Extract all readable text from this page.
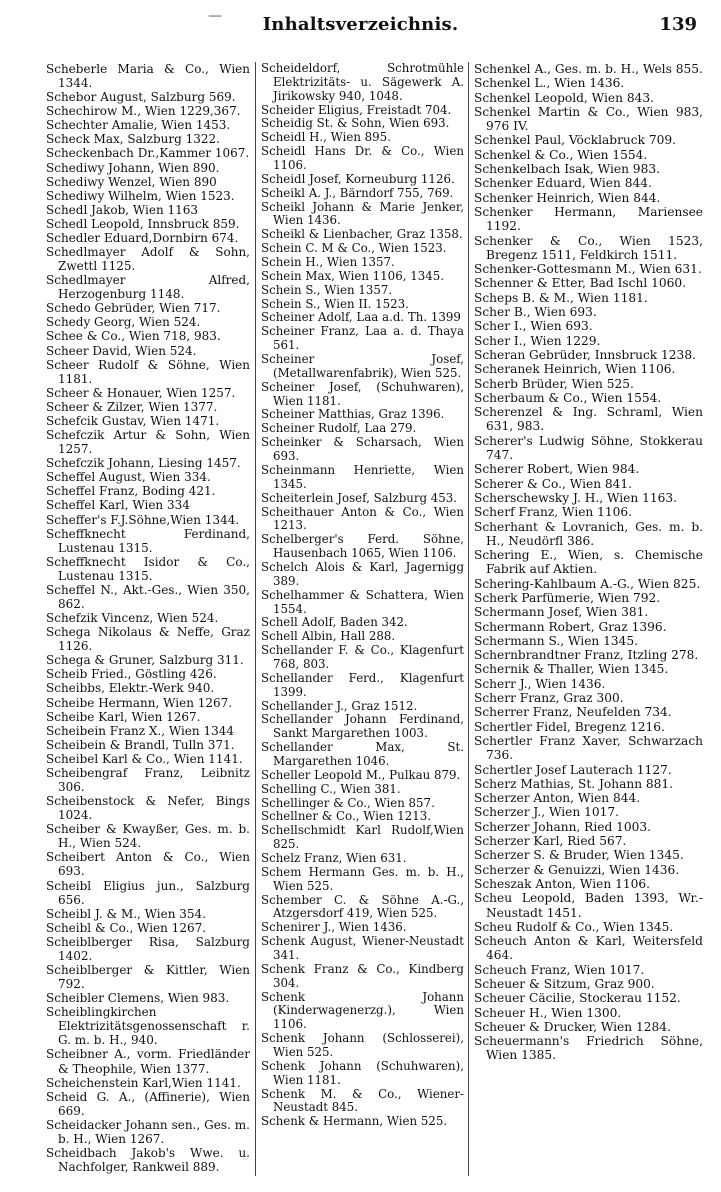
—	Inhaltsverzeichnis.	139

Scheberle Maria & Co., Wien 1344.

Schebor August, Salzburg 569.

Schechirow M., Wien 1229,367.

Schechter Amalie, Wien 1453.

Scheck Max, Salzburg 1322.

Scheckenbach Dr.,Kammer 1067.

Schediwy Johann, Wien 890.

Schediwy Wenzel, Wien 890

Schediwy Wilhelm, Wien 1523.

Schedl Jakob, Wien 1163

Schedl Leopold, Innsbruck 859.

Schedler Eduard,Dornbirn 674.

Schedlmayer Adolf & Sohn, Zwettl 1125.

Schedlmayer Alfred, Herzogenburg 1148.

Schedo Gebrüder, Wien 717.

Schedy Georg, Wien 524.

Schee & Co., Wien 718, 983.

Scheer David, Wien 524.

Scheer Rudolf & Söhne, Wien 1181.

Scheer & Honauer, Wien 1257.

Scheer & Zilzer, Wien 1377.

Schefcik Gustav, Wien 1471.

Schefczik Artur & Sohn, Wien 1257.

Schefczik Johann, Liesing 1457.

Scheffel August, Wien 334.

Scheffel Franz, Boding 421.

Scheffel Karl, Wien 334

Scheffer's F.J.Söhne,Wien 1344.

Scheffknecht Ferdinand, Lustenau 1315.

Scheffknecht Isidor & Co., Lustenau 1315.

Scheffel N., Akt.-Ges., Wien 350, 862.

Schefzik Vincenz, Wien 524.

Schega Nikolaus & Neffe, Graz 1126.

Schega & Gruner, Salzburg 311.

Scheib Fried., Göstling 426.

Scheibbs, Elektr.-Werk 940.

Scheibe Hermann, Wien 1267.

Scheibe Karl, Wien 1267.

Scheibein Franz X., Wien 1344

Scheibein & Brandl, Tulln 371.

Scheibel Karl & Co., Wien 1141.

Scheibengraf Franz, Leibnitz 306.

Scheibenstock & Nefer, Bings 1024.

Scheiber & Kwayßer, Ges. m. b. H., Wien 524.

Scheibert Anton & Co., Wien 693.

Scheibl Eligius jun., Salzburg 656.

Scheibl J. & M., Wien 354.

Scheibl & Co., Wien 1267.

Scheiblberger Risa, Salzburg 1402.

Scheiblberger & Kittler, Wien 792.

Scheibler Clemens, Wien 983.

Scheiblingkirchen Elektrizitätsgenossenschaft r. G. m. b. H., 940.

Scheibner A., vorm. Friedländer & Theophile, Wien 1377.

Scheichenstein Karl,Wien 1141.

Scheid G. A., (Affinerie), Wien 669.

Scheidacker Johann sen., Ges. m. b. H., Wien 1267.

Scheidbach Jakob's Wwe. u. Nachfolger, Rankweil 889.

Scheideldorf, Schrotmühle Elektrizitäts- u. Sägewerk A. Jirikowsky 940, 1048.

Scheider Eligius, Freistadt 704.

Scheidig St. & Sohn, Wien 693.

Scheidl H., Wien 895.

Scheidl Hans Dr. & Co., Wien 1106.

Scheidl Josef, Korneuburg 1126.

Scheikl A. J., Bärndorf 755, 769.

Scheikl Johann & Marie Jenker, Wien 1436.

Scheikl & Lienbacher, Graz 1358.

Schein C. M & Co., Wien 1523.

Schein H., Wien 1357.

Schein Max, Wien 1106, 1345.

Schein S., Wien 1357.

Schein S., Wien II. 1523.

Scheiner Adolf, Laa a.d. Th. 1399

Scheiner Franz, Laa a. d. Thaya 561.

Scheiner Josef, (Metallwarenfabrik), Wien 525.

Scheiner Josef, (Schuhwaren), Wien 1181.

Scheiner Matthias, Graz 1396.

Scheiner Rudolf, Laa 279.

Scheinker & Scharsach, Wien 693.

Scheinmann Henriette, Wien 1345.

Scheiterlein Josef, Salzburg 453.

Scheithauer Anton & Co., Wien 1213.

Schelberger's Ferd. Söhne, Hausenbach 1065, Wien 1106.

Schelch Alois & Karl, Jagernigg 389.

Schelhammer & Schattera, Wien 1554.

Schell Adolf, Baden 342.

Schell Albin, Hall 288.

Schellander F. & Co., Klagenfurt 768, 803.

Schellander Ferd., Klagenfurt 1399.

Schellander J., Graz 1512.

Schellander Johann Ferdinand, Sankt Margarethen 1003.

Schellander Max, St. Margarethen 1046.

Scheller Leopold M., Pulkau 879.

Schelling C., Wien 381.

Schellinger & Co., Wien 857.

Schellner & Co., Wien 1213.

Schellschmidt Karl Rudolf,Wien 825.

Schelz Franz, Wien 631.

Schem Hermann Ges. m. b. H., Wien 525.

Schember C. & Söhne A.-G., Atzgersdorf 419, Wien 525.

Schenirer J., Wien 1436.

Schenk August, Wiener-Neustadt 341.

Schenk Franz & Co., Kindberg 304.

Schenk Johann (Kinderwagenerzg.), Wien 1106.

Schenk Johann (Schlosserei), Wien 525.

Schenk Johann (Schuhwaren), Wien 1181.

Schenk M. & Co., Wiener-Neustadt 845.

Schenk & Hermann, Wien 525.

Schenkel A., Ges. m. b. H., Wels 855.

Schenkel L., Wien 1436.

Schenkel Leopold, Wien 843.

Schenkel Martin & Co., Wien 983, 976 IV.

Schenkel Paul, Vöcklabruck 709.

Schenkel & Co., Wien 1554.

Schenkelbach Isak, Wien 983.

Schenker Eduard, Wien 844.

Schenker Heinrich, Wien 844.

Schenker Hermann, Mariensee 1192.

Schenker & Co., Wien 1523, Bregenz 1511, Feldkirch 1511.

Schenker-Gottesmann M., Wien 631.

Schenner & Etter, Bad Ischl 1060.

Scheps B. & M., Wien 1181.

Scher B., Wien 693.

Scher I., Wien 693.

Scher I., Wien 1229.

Scheran Gebrüder, Innsbruck 1238.

Scheranek Heinrich, Wien 1106.

Scherb Brüder, Wien 525.

Scherbaum & Co., Wien 1554.

Scherenzel & Ing. Schraml, Wien 631, 983.

Scherer's Ludwig Söhne, Stokkerau 747.

Scherer Robert, Wien 984.

Scherer & Co., Wien 841.

Scherschewsky J. H., Wien 1163.

Scherf Franz, Wien 1106.

Scherhant & Lovranich, Ges. m. b. H., Neudörfl 386.

Schering E., Wien, s. Chemische Fabrik auf Aktien.

Schering-Kahlbaum A.-G., Wien 825.

Scherk Parfümerie, Wien 792.

Schermann Josef, Wien 381.

Schermann Robert, Graz 1396.

Schermann S., Wien 1345.

Schernbrandtner Franz, Itzling 278.

Schernik & Thaller, Wien 1345.

Scherr J., Wien 1436.

Scherr Franz, Graz 300.

Scherrer Franz, Neufelden 734.

Schertler Fidel, Bregenz 1216.

Schertler Franz Xaver, Schwarzach 736.

Schertler Josef Lauterach 1127.

Scherz Mathias, St. Johann 881.

Scherzer Anton, Wien 844.

Scherzer J., Wien 1017.

Scherzer Johann, Ried 1003.

Scherzer Karl, Ried 567.

Scherzer S. & Bruder, Wien 1345.

Scherzer & Genuizzi, Wien 1436.

Scheszak Anton, Wien 1106.

Scheu Leopold, Baden 1393, Wr.-Neustadt 1451.

Scheu Rudolf & Co., Wien 1345.

Scheuch Anton & Karl, Weitersfeld 464.

Scheuch Franz, Wien 1017.

Scheuer & Sitzum, Graz 900.

Scheuer Cäcilie, Stockerau 1152.

Scheuer H., Wien 1300.

Scheuer & Drucker, Wien 1284.

Scheuermann's Friedrich Söhne, Wien 1385.
